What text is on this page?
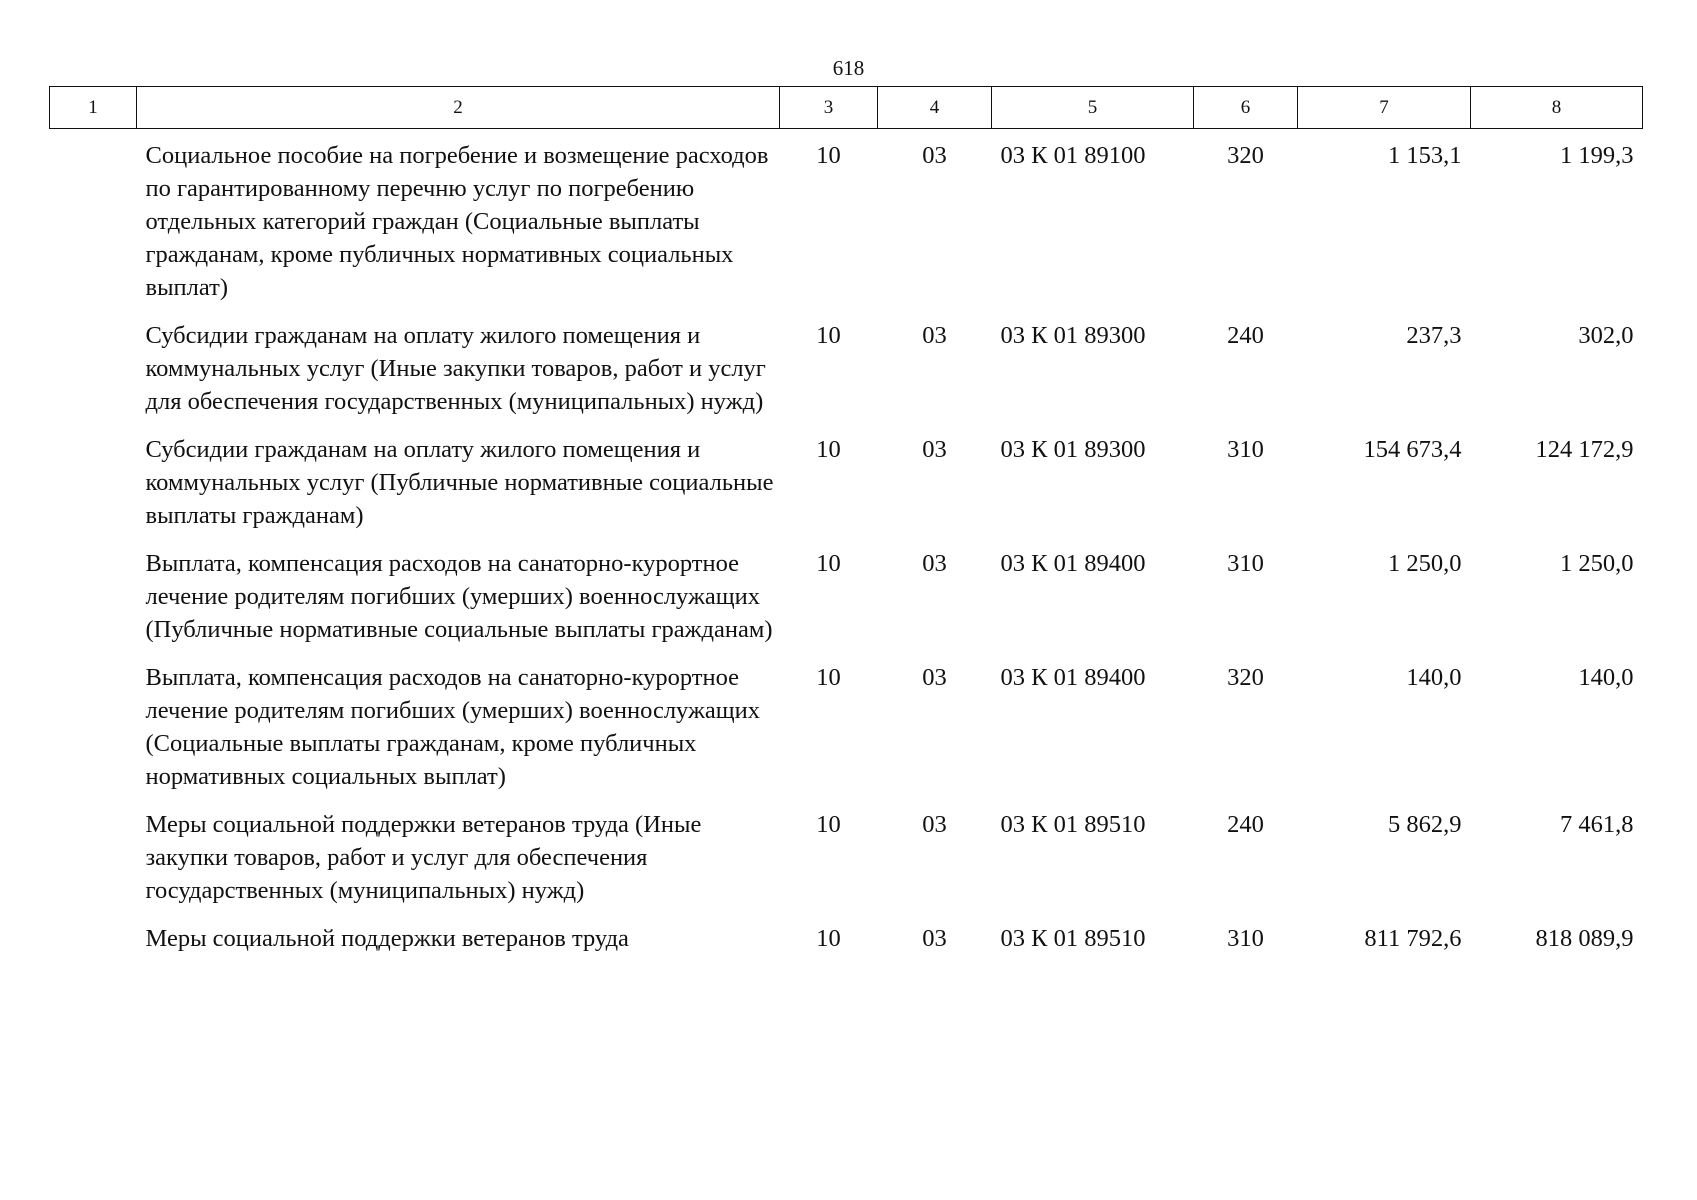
618
1	2	3	4	5	6	7	8
	Социальное пособие на погребение и возмещение расходов по гарантированному перечню услуг по погребению отдельных категорий граждан (Социальные выплаты гражданам, кроме публичных нормативных социальных выплат)	10	03	03 К 01 89100	320	1 153,1	1 199,3
	Субсидии гражданам на оплату жилого помещения и коммунальных услуг (Иные закупки товаров, работ и услуг для обеспечения государственных (муниципальных) нужд)	10	03	03 К 01 89300	240	237,3	302,0
	Субсидии гражданам на оплату жилого помещения и коммунальных услуг (Публичные нормативные социальные выплаты гражданам)	10	03	03 К 01 89300	310	154 673,4	124 172,9
	Выплата, компенсация расходов на санаторно-курортное лечение родителям погибших (умерших) военнослужащих (Публичные нормативные социальные выплаты гражданам)	10	03	03 К 01 89400	310	1 250,0	1 250,0
	Выплата, компенсация расходов на санаторно-курортное лечение родителям погибших (умерших) военнослужащих (Социальные выплаты гражданам, кроме публичных нормативных социальных выплат)	10	03	03 К 01 89400	320	140,0	140,0
	Меры социальной поддержки ветеранов труда (Иные закупки товаров, работ и услуг для обеспечения государственных (муниципальных) нужд)	10	03	03 К 01 89510	240	5 862,9	7 461,8
	Меры социальной поддержки ветеранов труда	10	03	03 К 01 89510	310	811 792,6	818 089,9
